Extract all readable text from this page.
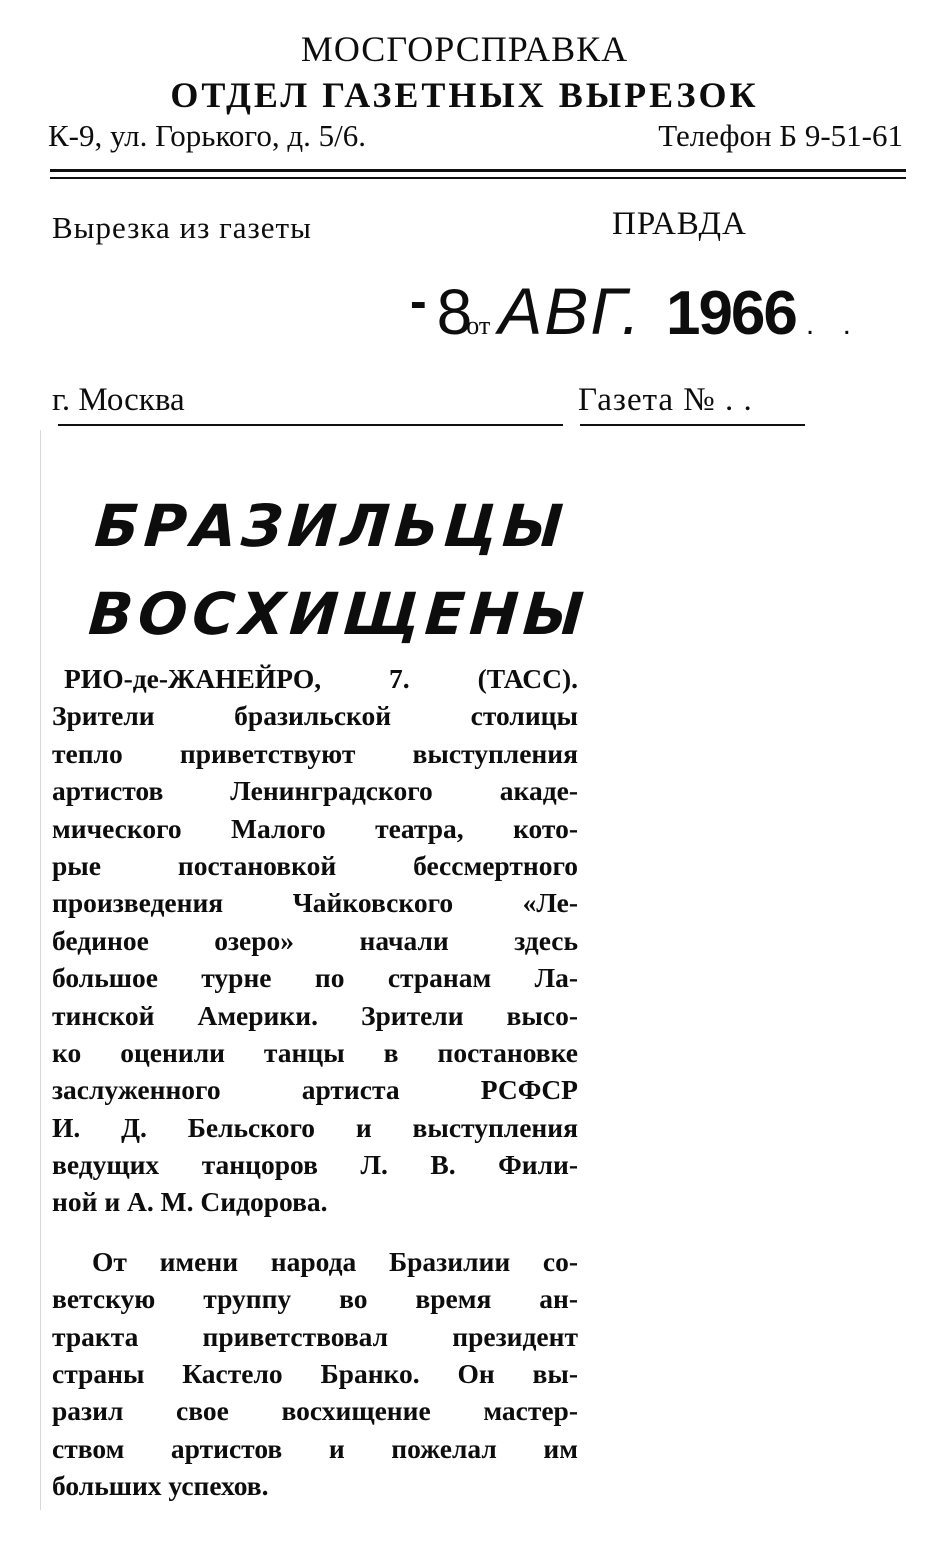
МОСГОРСПРАВКА
ОТДЕЛ ГАЗЕТНЫХ ВЫРЕЗОК
К-9, ул. Горького, д. 5/6.	Телефон Б 9-51-61
Вырезка из газеты	ПРАВДА
- 8от АВГ. 1966 . .
г. Москва	Газета № . .
БРАЗИЛЬЦЫ
ВОСХИЩЕНЫ
РИО-де-ЖАНЕЙРО, 7. (ТАСС).
Зрители бразильской столицы
тепло приветствуют выступления
артистов Ленинградского акаде-
мического Малого театра, кото-
рые постановкой бессмертного
произведения Чайковского «Ле-
бединое озеро» начали здесь
большое турне по странам Ла-
тинской Америки. Зрители высо-
ко оценили танцы в постановке
заслуженного артиста РСФСР
И. Д. Бельского и выступления
ведущих танцоров Л. В. Фили-
ной и А. М. Сидорова.
От имени народа Бразилии со-
ветскую труппу во время ан-
тракта приветствовал президент
страны Кастело Бранко. Он вы-
разил свое восхищение мастер-
ством артистов и пожелал им
больших успехов.
